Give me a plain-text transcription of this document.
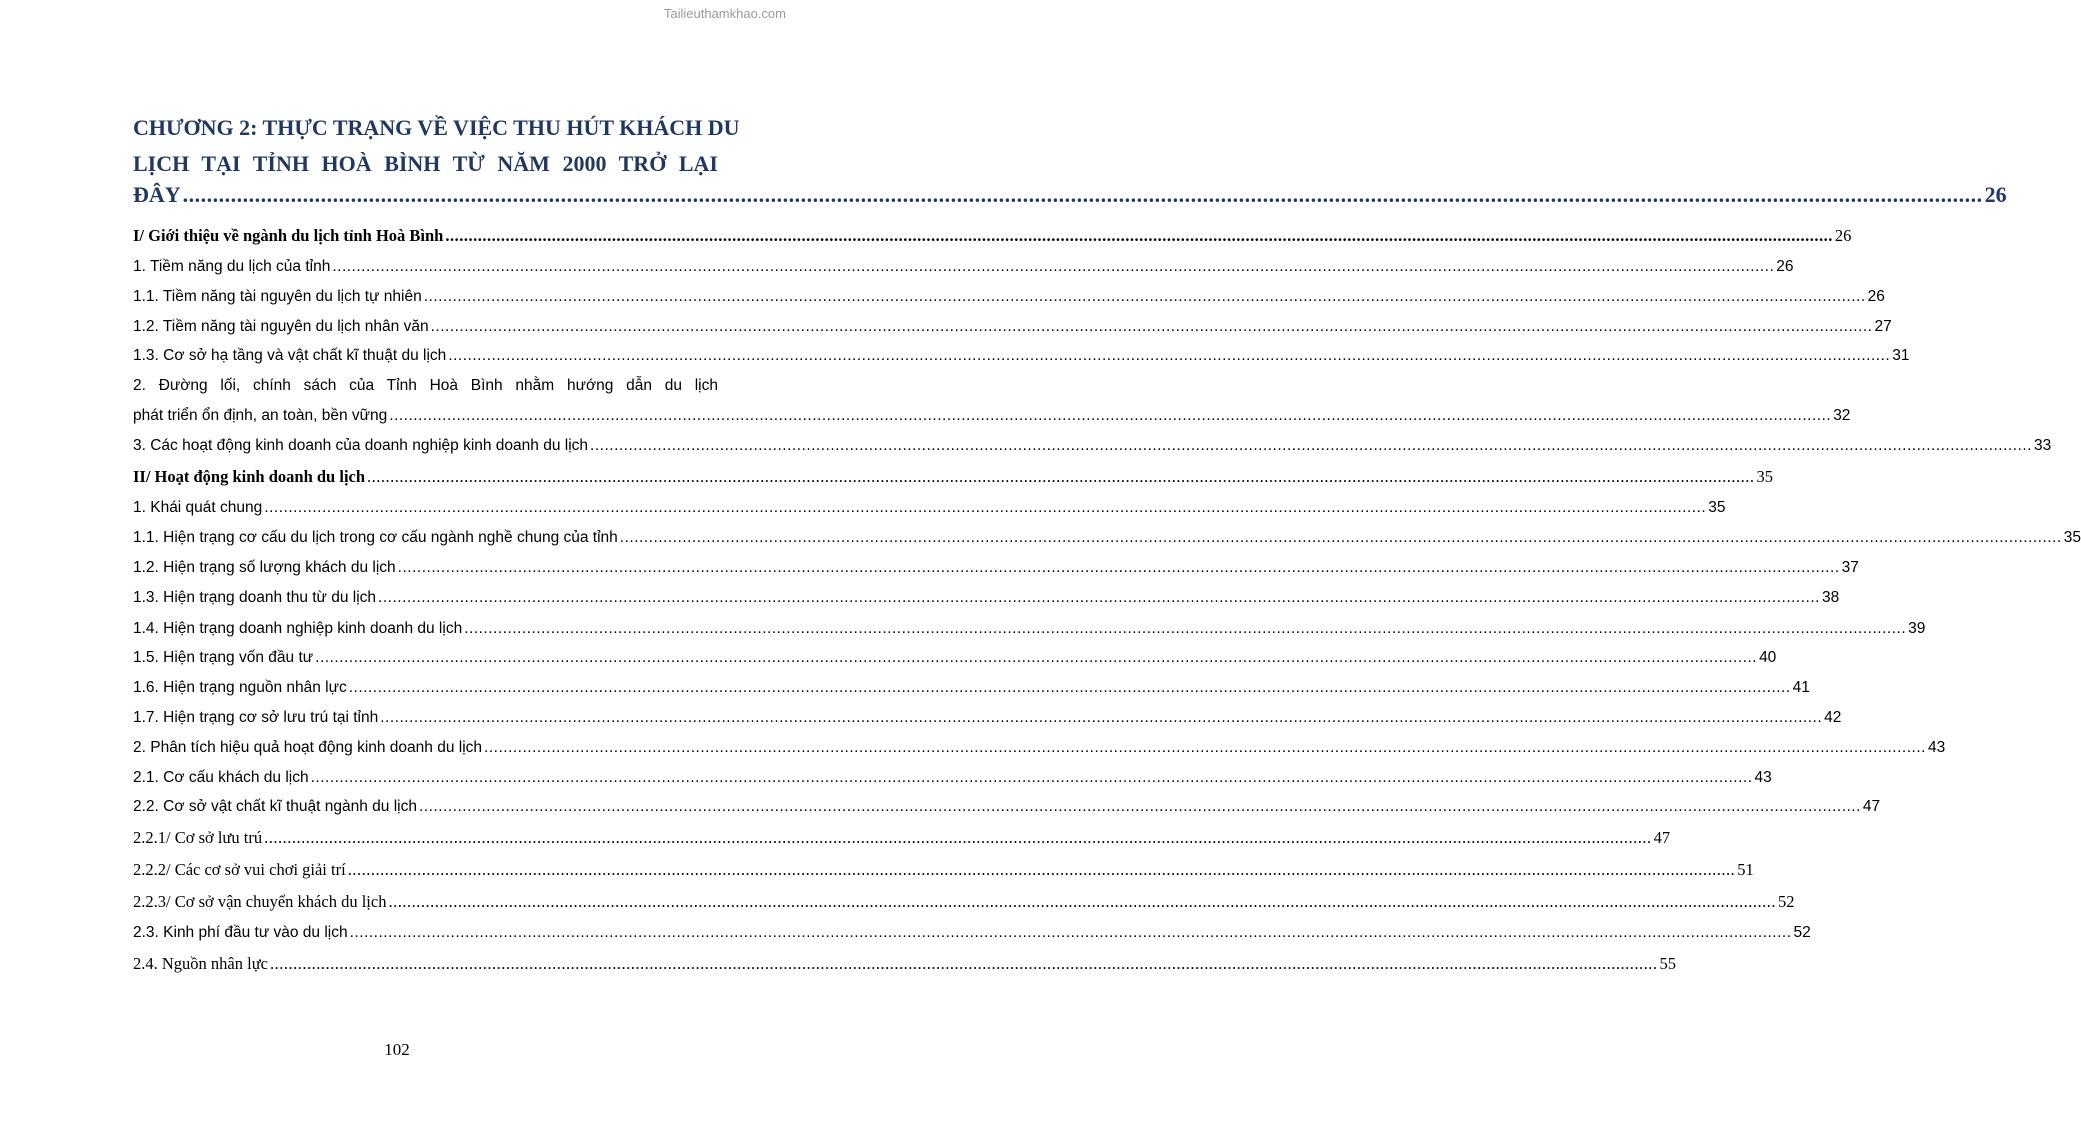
Tailieuthamkhao.com
CHƯƠNG 2: THỰC TRẠNG VỀ VIỆC THU HÚT KHÁCH DU
LỊCH TẠI TỈNH HOÀ BÌNH TỪ NĂM 2000 TRỞ LẠI
ĐÂY ............................................................................................................................................................................................................................................................................................................ 26
I/ Giới thiệu về ngành du lịch tỉnh Hoà Bình ............................................................................................................................................................................................................................................................................................................ 26
1. Tiềm năng du lịch của tỉnh ............................................................................................................................................................................................................................................................................................................ 26
1.1. Tiềm năng tài nguyên du lịch tự nhiên ............................................................................................................................................................................................................................................................................................................ 26
1.2. Tiềm năng tài nguyên du lịch nhân văn ............................................................................................................................................................................................................................................................................................................ 27
1.3. Cơ sở hạ tầng và vật chất kĩ thuật du lịch ............................................................................................................................................................................................................................................................................................................ 31
2. Đường lối, chính sách của Tỉnh Hoà Bình nhằm hướng dẫn du lịch
phát triển ổn định, an toàn, bền vững ............................................................................................................................................................................................................................................................................................................ 32
3. Các hoạt động kinh doanh của doanh nghiệp kinh doanh du lịch ............................................................................................................................................................................................................................................................................................................ 33
II/ Hoạt động kinh doanh du lịch ............................................................................................................................................................................................................................................................................................................ 35
1. Khái quát chung ............................................................................................................................................................................................................................................................................................................ 35
1.1. Hiện trạng cơ cấu du lịch trong cơ cấu ngành nghề chung của tỉnh ............................................................................................................................................................................................................................................................................................................ 35
1.2. Hiện trạng số lượng khách du lịch ............................................................................................................................................................................................................................................................................................................ 37
1.3. Hiện trạng doanh thu từ du lịch ............................................................................................................................................................................................................................................................................................................ 38
1.4. Hiện trạng doanh nghiệp kinh doanh du lịch ............................................................................................................................................................................................................................................................................................................ 39
1.5. Hiện trạng vốn đầu tư ............................................................................................................................................................................................................................................................................................................ 40
1.6. Hiện trạng nguồn nhân lực ............................................................................................................................................................................................................................................................................................................ 41
1.7. Hiện trạng cơ sở lưu trú tại tỉnh ............................................................................................................................................................................................................................................................................................................ 42
2. Phân tích hiệu quả hoạt động kinh doanh du lịch ............................................................................................................................................................................................................................................................................................................ 43
2.1. Cơ cấu khách du lịch ............................................................................................................................................................................................................................................................................................................ 43
2.2. Cơ sở vật chất kĩ thuật ngành du lịch ............................................................................................................................................................................................................................................................................................................ 47
2.2.1/ Cơ sở lưu trú ............................................................................................................................................................................................................................................................................................................ 47
2.2.2/ Các cơ sở vui chơi giải trí ............................................................................................................................................................................................................................................................................................................ 51
2.2.3/ Cơ sở vận chuyển khách du lịch ............................................................................................................................................................................................................................................................................................................ 52
2.3. Kinh phí đầu tư vào du lịch ............................................................................................................................................................................................................................................................................................................ 52
2.4. Nguồn nhân lực ............................................................................................................................................................................................................................................................................................................ 55
102
